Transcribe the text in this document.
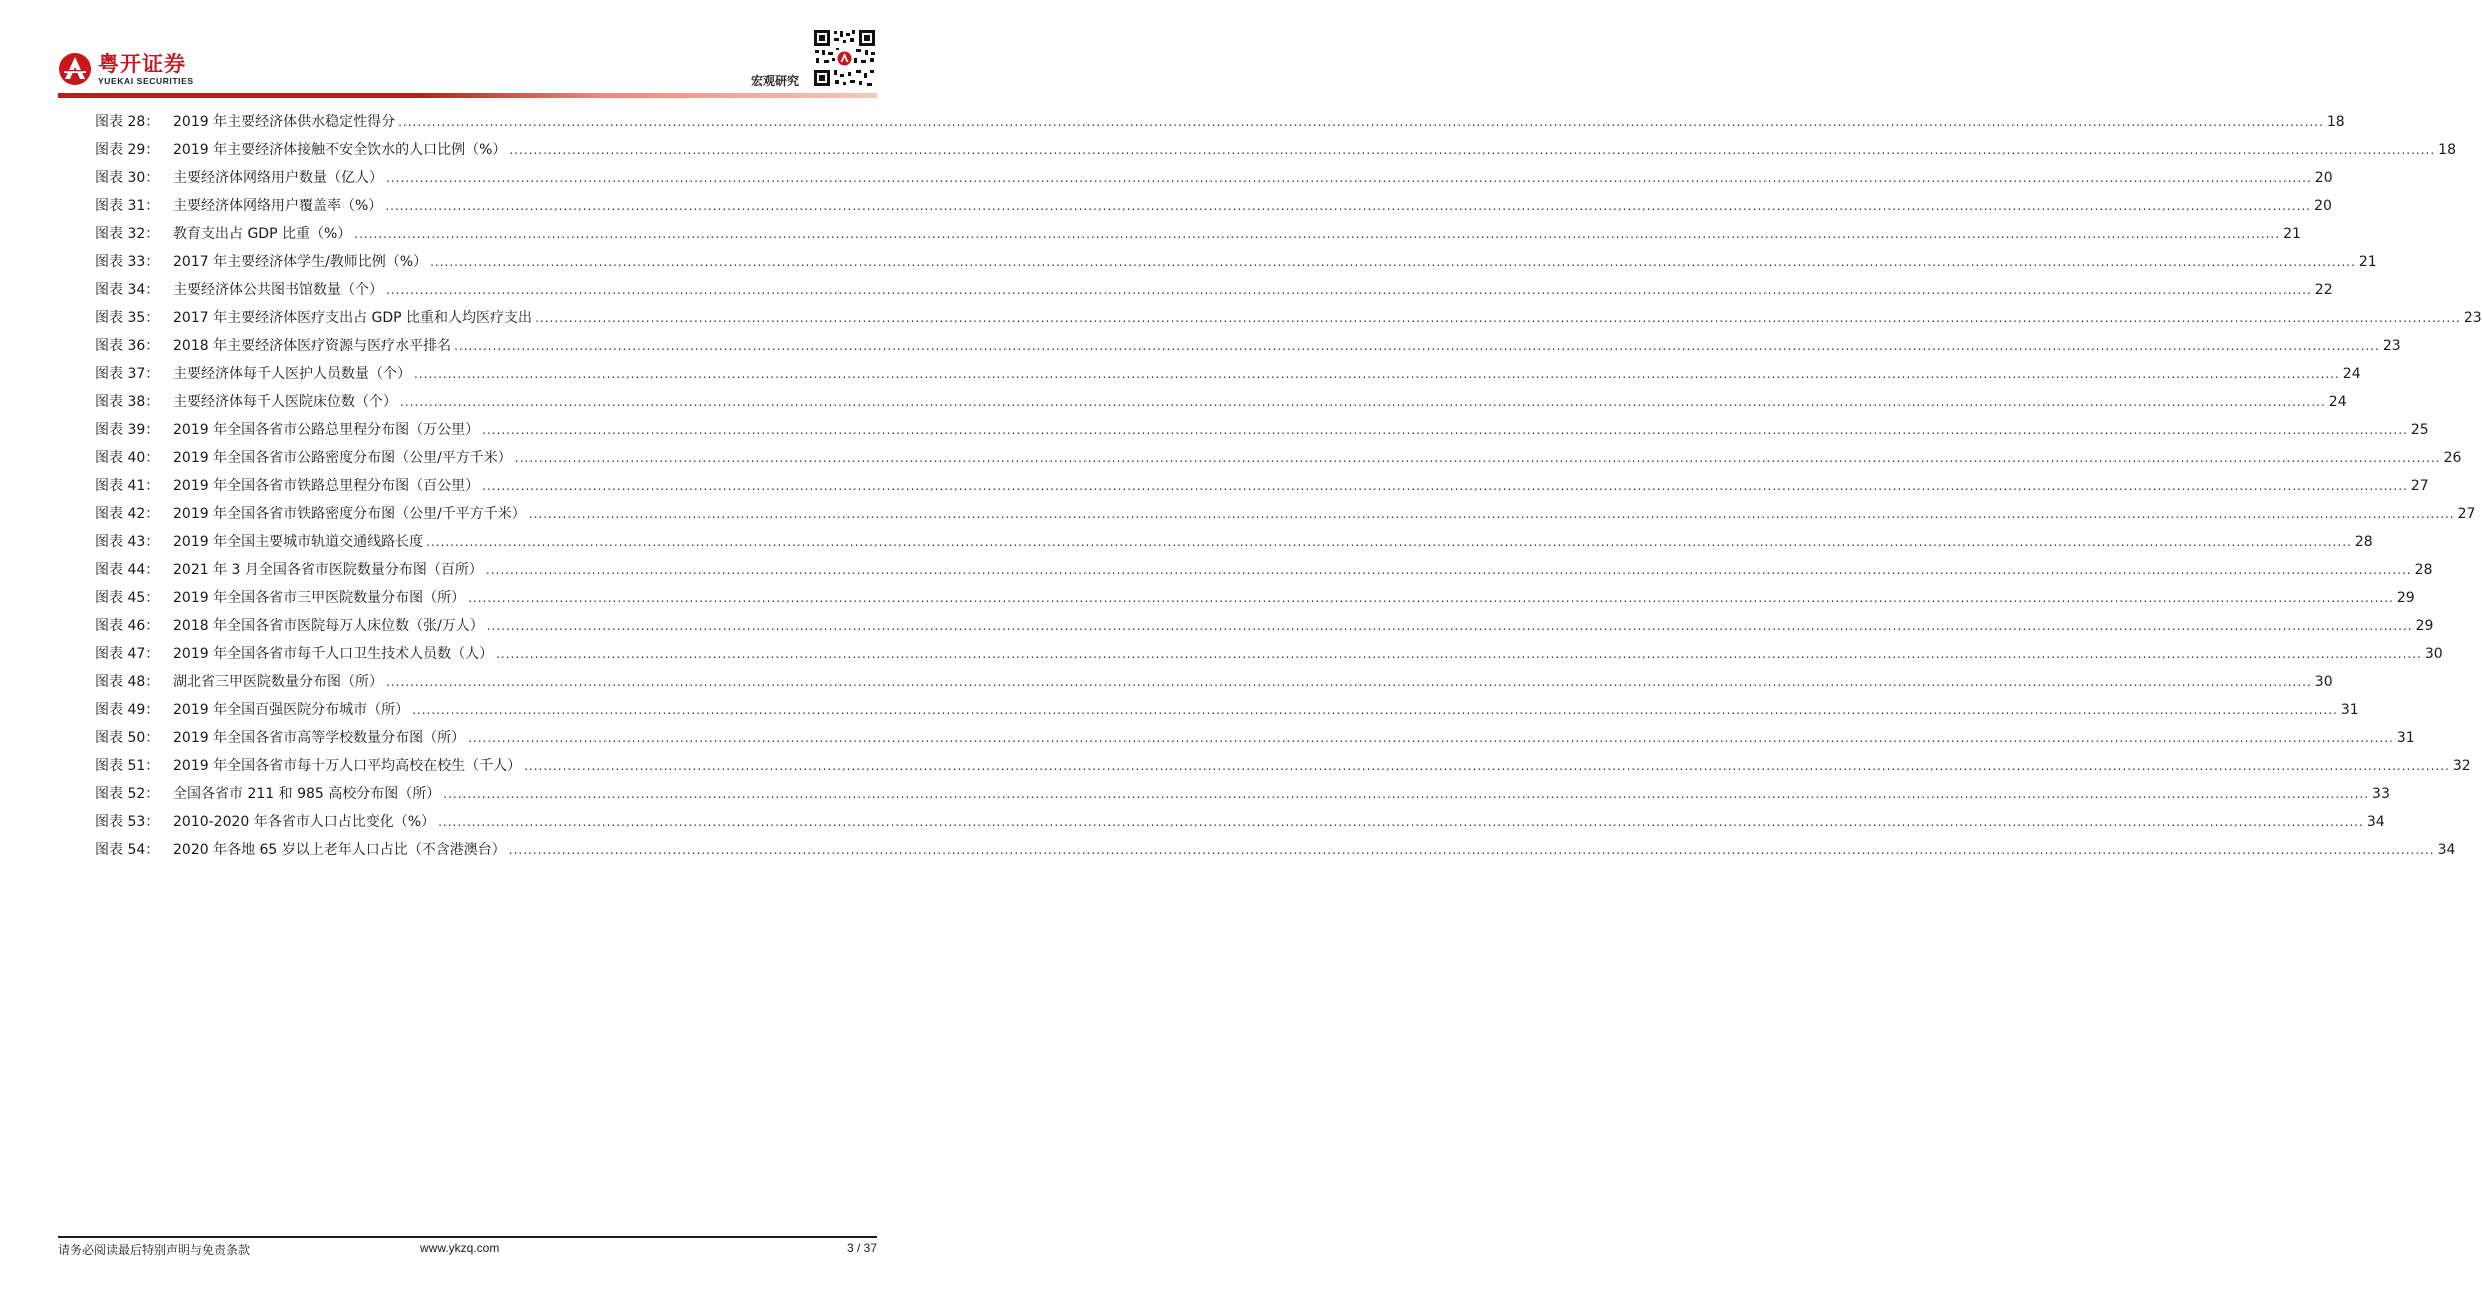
粤开证券
YUEKAI SECURITIES	宏观研究
图表 28： 2019 年主要经济体供水稳定性得分 ................................................................................................................................................................................................................................................................................................................................................................................................................ 18
图表 29： 2019 年主要经济体接触不安全饮水的人口比例（%） ................................................................................................................................................................................................................................................................................................................................................................................................................ 18
图表 30： 主要经济体网络用户数量（亿人） ................................................................................................................................................................................................................................................................................................................................................................................................................ 20
图表 31： 主要经济体网络用户覆盖率（%） ................................................................................................................................................................................................................................................................................................................................................................................................................ 20
图表 32： 教育支出占 GDP 比重（%） ................................................................................................................................................................................................................................................................................................................................................................................................................ 21
图表 33： 2017 年主要经济体学生/教师比例（%） ................................................................................................................................................................................................................................................................................................................................................................................................................ 21
图表 34： 主要经济体公共图书馆数量（个） ................................................................................................................................................................................................................................................................................................................................................................................................................ 22
图表 35： 2017 年主要经济体医疗支出占 GDP 比重和人均医疗支出 ................................................................................................................................................................................................................................................................................................................................................................................................................ 23
图表 36： 2018 年主要经济体医疗资源与医疗水平排名 ................................................................................................................................................................................................................................................................................................................................................................................................................ 23
图表 37： 主要经济体每千人医护人员数量（个） ................................................................................................................................................................................................................................................................................................................................................................................................................ 24
图表 38： 主要经济体每千人医院床位数（个） ................................................................................................................................................................................................................................................................................................................................................................................................................ 24
图表 39： 2019 年全国各省市公路总里程分布图（万公里） ................................................................................................................................................................................................................................................................................................................................................................................................................ 25
图表 40： 2019 年全国各省市公路密度分布图（公里/平方千米） ................................................................................................................................................................................................................................................................................................................................................................................................................ 26
图表 41： 2019 年全国各省市铁路总里程分布图（百公里） ................................................................................................................................................................................................................................................................................................................................................................................................................ 27
图表 42： 2019 年全国各省市铁路密度分布图（公里/千平方千米） ................................................................................................................................................................................................................................................................................................................................................................................................................ 27
图表 43： 2019 年全国主要城市轨道交通线路长度 ................................................................................................................................................................................................................................................................................................................................................................................................................ 28
图表 44： 2021 年 3 月全国各省市医院数量分布图（百所） ................................................................................................................................................................................................................................................................................................................................................................................................................ 28
图表 45： 2019 年全国各省市三甲医院数量分布图（所） ................................................................................................................................................................................................................................................................................................................................................................................................................ 29
图表 46： 2018 年全国各省市医院每万人床位数（张/万人） ................................................................................................................................................................................................................................................................................................................................................................................................................ 29
图表 47： 2019 年全国各省市每千人口卫生技术人员数（人） ................................................................................................................................................................................................................................................................................................................................................................................................................ 30
图表 48： 湖北省三甲医院数量分布图（所） ................................................................................................................................................................................................................................................................................................................................................................................................................ 30
图表 49： 2019 年全国百强医院分布城市（所） ................................................................................................................................................................................................................................................................................................................................................................................................................ 31
图表 50： 2019 年全国各省市高等学校数量分布图（所） ................................................................................................................................................................................................................................................................................................................................................................................................................ 31
图表 51： 2019 年全国各省市每十万人口平均高校在校生（千人） ................................................................................................................................................................................................................................................................................................................................................................................................................ 32
图表 52： 全国各省市 211 和 985 高校分布图（所） ................................................................................................................................................................................................................................................................................................................................................................................................................ 33
图表 53： 2010-2020 年各省市人口占比变化（%） ................................................................................................................................................................................................................................................................................................................................................................................................................ 34
图表 54： 2020 年各地 65 岁以上老年人口占比（不含港澳台） ................................................................................................................................................................................................................................................................................................................................................................................................................ 34
请务必阅读最后特别声明与免责条款	www.ykzq.com	3 / 37
